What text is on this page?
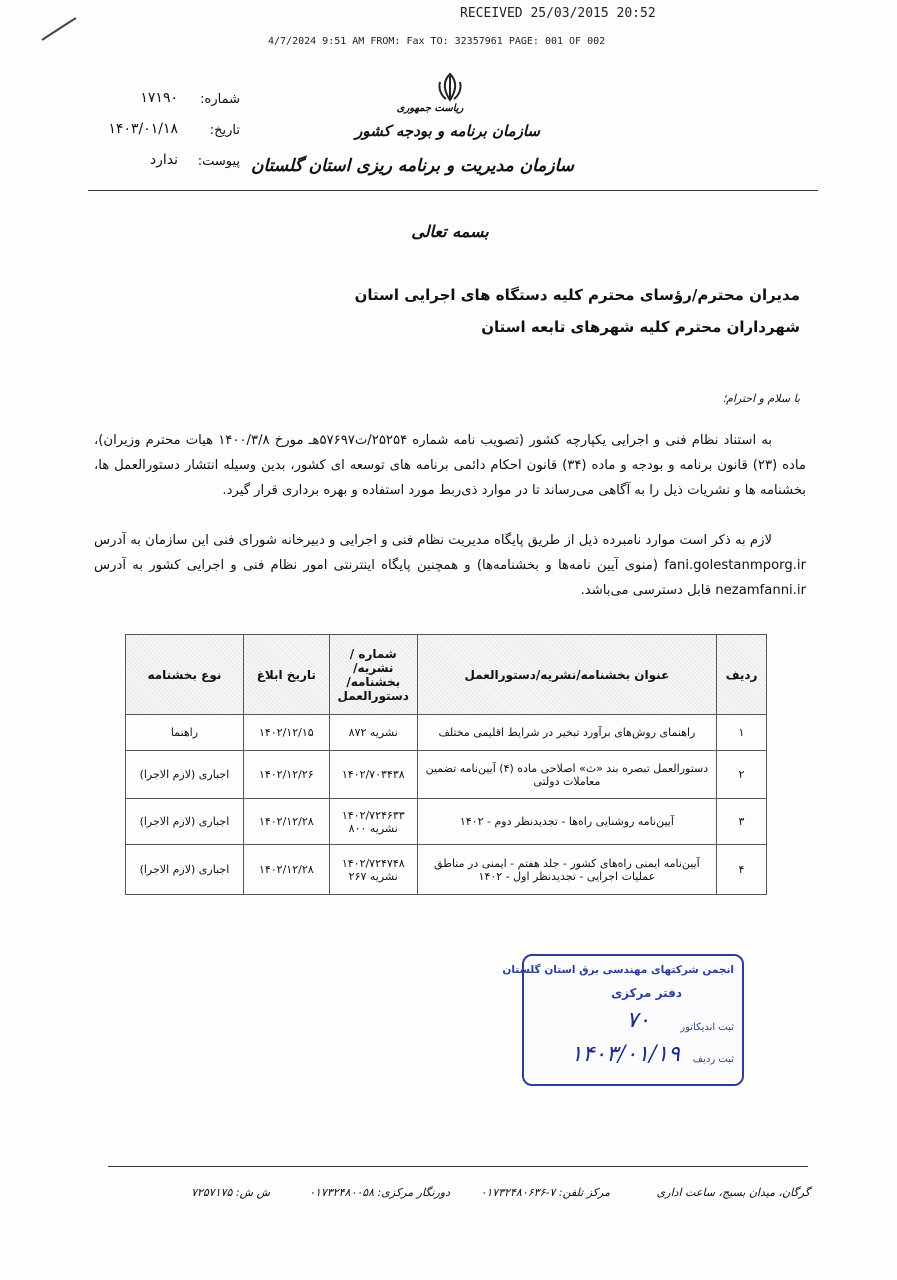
RECEIVED 25/03/2015 20:52
4/7/2024 9:51 AM FROM: Fax TO: 32357961 PAGE: 001 OF 002
شماره:
۱۷۱۹۰
تاریخ:
۱۴۰۳/۰۱/۱۸
پیوست:
ندارد
ریاست جمهوری
سازمان برنامه و بودجه کشور
سازمان مدیریت و برنامه ریزی استان گلستان
بسمه تعالی
مدیران محترم/رؤسای محترم کلیه دستگاه های اجرایی استان
شهرداران محترم کلیه شهرهای تابعه استان
با سلام و احترام؛
به استناد نظام فنی و اجرایی یکپارچه کشور (تصویب نامه شماره ۲۵۲۵۴/ت۵۷۶۹۷هـ مورخ ۱۴۰۰/۳/۸ هیات محترم وزیران)، ماده (۲۳) قانون برنامه و بودجه و ماده (۳۴) قانون احکام دائمی برنامه های توسعه ای کشور، بدین وسیله انتشار دستورالعمل ها، بخشنامه ها و نشریات ذیل را به آگاهی می‌رساند تا در موارد ذی‌ربط مورد استفاده و بهره برداری قرار گیرد.
لازم به ذکر است موارد نامبرده ذیل از طریق پایگاه مدیریت نظام فنی و اجرایی و دبیرخانه شورای فنی این سازمان به آدرس fani.golestanmporg.ir (منوی آیین نامه‌ها و بخشنامه‌ها) و همچنین پایگاه اینترنتی امور نظام فنی و اجرایی کشور به آدرس nezamfanni.ir قابل دسترسی می‌باشد.
ردیف	عنوان بخشنامه/نشریه/دستورالعمل	شماره /نشریه/بخشنامه/ دستورالعمل	تاریخ ابلاغ	نوع بخشنامه
۱	راهنمای روش‌های برآورد تبخیر در شرایط اقلیمی مختلف	نشریه ۸۷۲	۱۴۰۲/۱۲/۱۵	راهنما
۲	دستورالعمل تبصره بند «ث» اصلاحی ماده (۴) آیین‌نامه تضمین معاملات دولتی	۱۴۰۲/۷۰۳۴۳۸	۱۴۰۲/۱۲/۲۶	اجباری (لازم الاجرا)
۳	آیین‌نامه روشنایی راه‌ها - تجدیدنظر دوم - ۱۴۰۲	۱۴۰۲/۷۲۴۶۳۳ نشریه ۸۰۰	۱۴۰۲/۱۲/۲۸	اجباری (لازم الاجرا)
۴	آیین‌نامه ایمنی راه‌های کشور - جلد هفتم - ایمنی در مناطق عملیات اجرایی - تجدیدنظر اول - ۱۴۰۲	۱۴۰۲/۷۲۴۷۴۸ نشریه ۲۶۷	۱۴۰۲/۱۲/۲۸	اجباری (لازم الاجرا)
انجمن شرکتهای مهندسی برق استان گلستان
دفتر مرکزی
ثبت اندیکاتور
۷۰
ثبت ردیف
۱۴۰۳/۰۱/۱۹
گرگان، میدان بسیج، ساعت اداری
مرکز تلفن: ۷-۰۱۷۳۲۴۸۰۶۳۶
دورنگار مرکزی: ۰۱۷۳۲۴۸۰۰۵۸
ش ش: ۷۲۵۷۱۷۵
